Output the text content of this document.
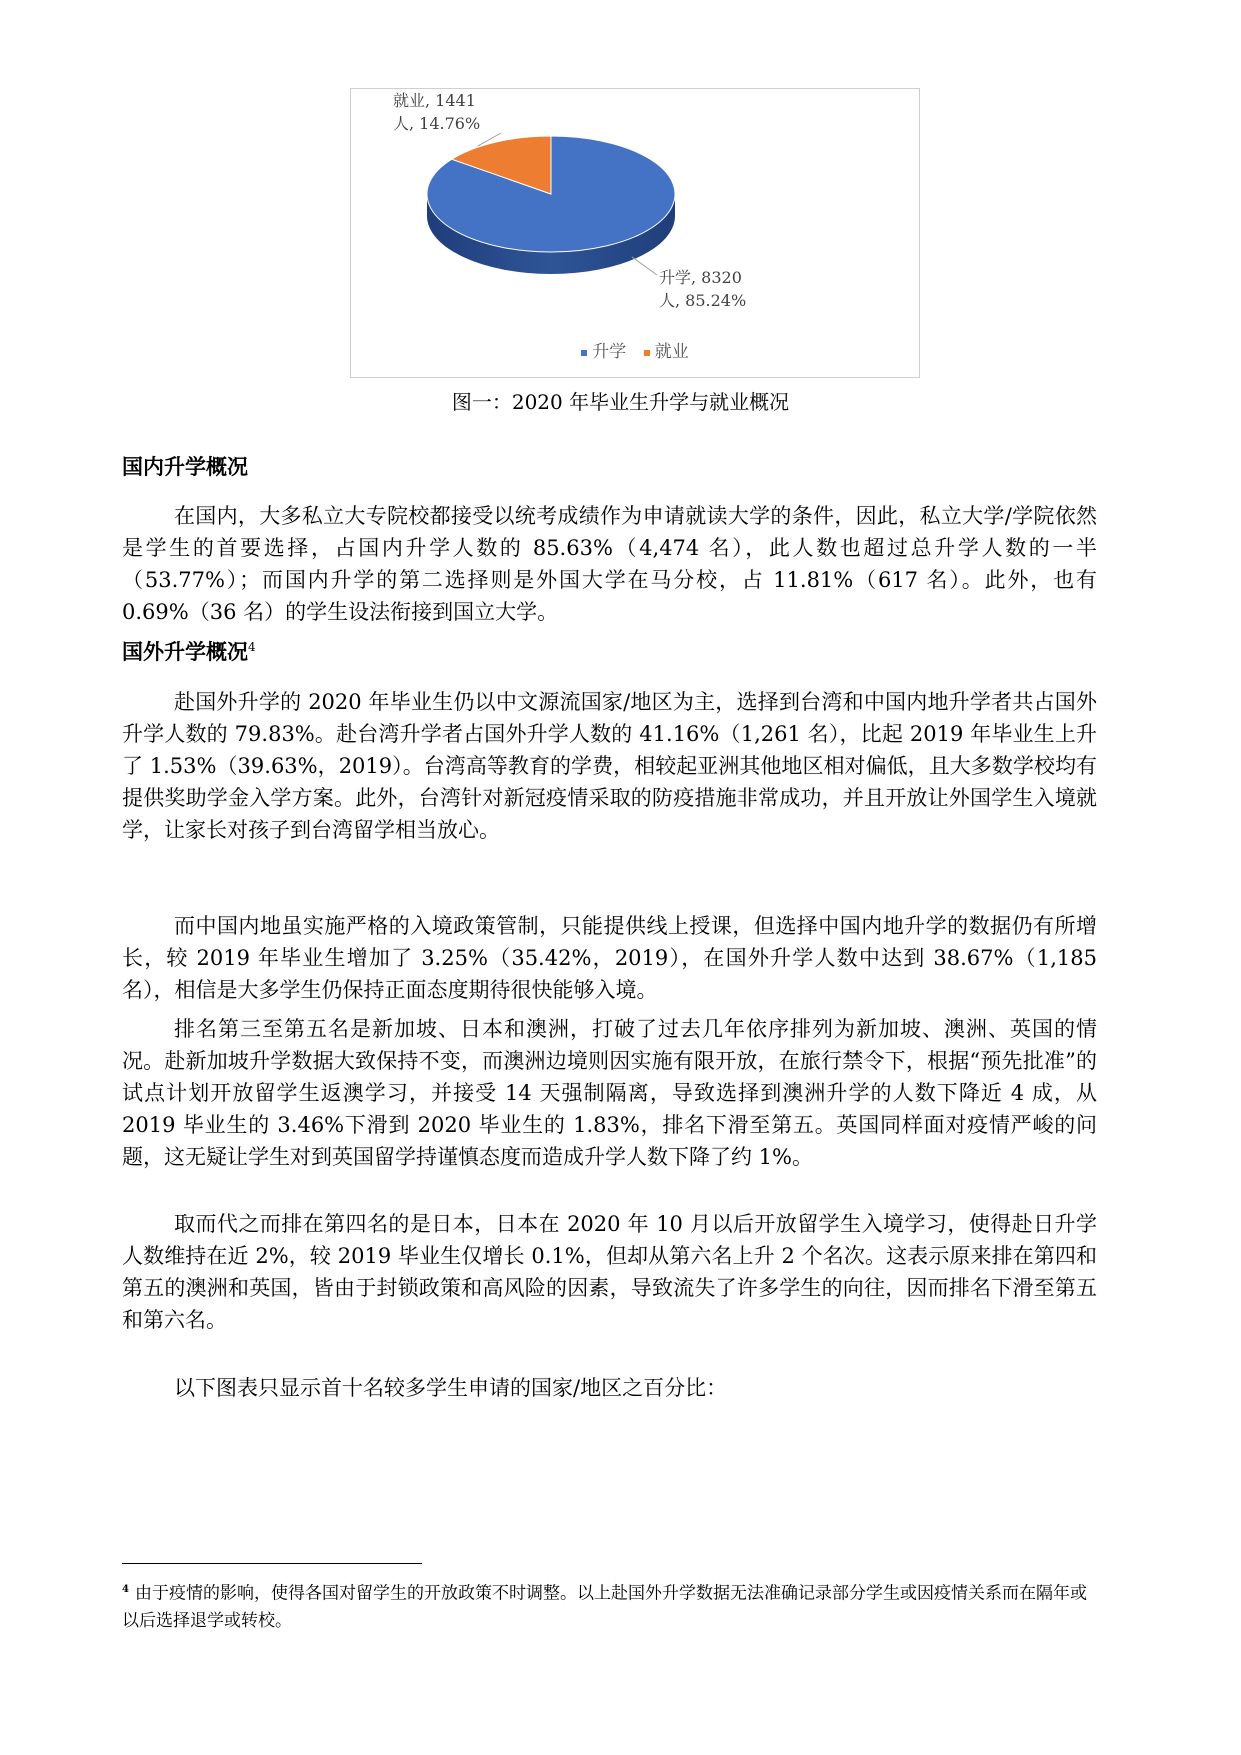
就业, 1441
人, 14.76%
升学, 8320
人, 85.24%
升学 就业
图一：2020 年毕业生升学与就业概况
国内升学概况

在国内，大多私立大专院校都接受以统考成绩作为申请就读大学的条件，因此，私立大学/学院依然是学生的首要选择，占国内升学人数的 85.63%（4,474 名），此人数也超过总升学人数的一半（53.77%）；而国内升学的第二选择则是外国大学在马分校，占 11.81%（617 名）。此外，也有 0.69%（36 名）的学生设法衔接到国立大学。

国外升学概况$^4$

赴国外升学的 2020 年毕业生仍以中文源流国家/地区为主，选择到台湾和中国内地升学者共占国外升学人数的 79.83%。赴台湾升学者占国外升学人数的 41.16%（1,261 名），比起 2019 年毕业生上升了 1.53%（39.63%，2019）。台湾高等教育的学费，相较起亚洲其他地区相对偏低，且大多数学校均有提供奖助学金入学方案。此外，台湾针对新冠疫情采取的防疫措施非常成功，并且开放让外国学生入境就学，让家长对孩子到台湾留学相当放心。

而中国内地虽实施严格的入境政策管制，只能提供线上授课，但选择中国内地升学的数据仍有所增长，较 2019 年毕业生增加了 3.25%（35.42%，2019），在国外升学人数中达到 38.67%（1,185 名），相信是大多学生仍保持正面态度期待很快能够入境。

排名第三至第五名是新加坡、日本和澳洲，打破了过去几年依序排列为新加坡、澳洲、英国的情况。赴新加坡升学数据大致保持不变，而澳洲边境则因实施有限开放，在旅行禁令下，根据“预先批准”的试点计划开放留学生返澳学习，并接受 14 天强制隔离，导致选择到澳洲升学的人数下降近 4 成，从 2019 毕业生的 3.46%下滑到 2020 毕业生的 1.83%，排名下滑至第五。英国同样面对疫情严峻的问题，这无疑让学生对到英国留学持谨慎态度而造成升学人数下降了约 1%。

取而代之而排在第四名的是日本，日本在 2020 年 10 月以后开放留学生入境学习，使得赴日升学人数维持在近 2%，较 2019 毕业生仅增长 0.1%，但却从第六名上升 2 个名次。这表示原来排在第四和第五的澳洲和英国，皆由于封锁政策和高风险的因素，导致流失了许多学生的向往，因而排名下滑至第五和第六名。

以下图表只显示首十名较多学生申请的国家/地区之百分比：

$^4$ 由于疫情的影响，使得各国对留学生的开放政策不时调整。以上赴国外升学数据无法准确记录部分学生或因疫情关系而在隔年或以后选择退学或转校。
